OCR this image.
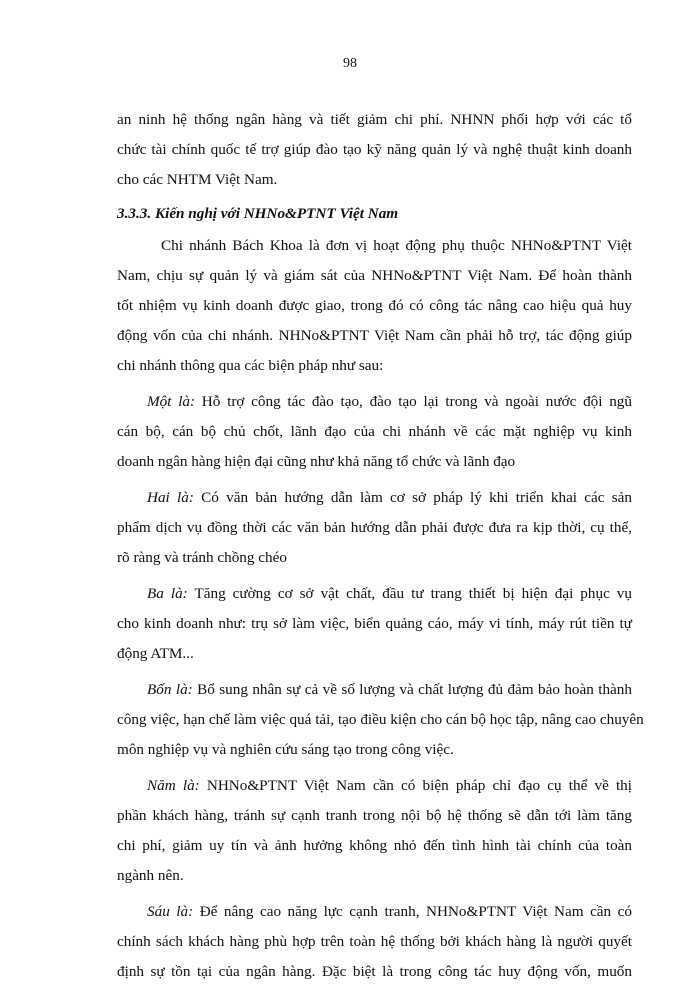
98
an ninh hệ thống ngân hàng và tiết giảm chi phí. NHNN phối hợp với các tổ
chức tài chính quốc tế trợ giúp đào tạo kỹ năng quản lý và nghệ thuật kinh doanh
cho các NHTM Việt Nam.
3.3.3. Kiến nghị với NHNo&PTNT Việt Nam
Chi nhánh Bách Khoa là đơn vị hoạt động phụ thuộc NHNo&PTNT Việt
Nam, chịu sự quản lý và giám sát của NHNo&PTNT Việt Nam. Để hoàn thành
tốt nhiệm vụ kinh doanh được giao, trong đó có công tác nâng cao hiệu quả huy
động vốn của chi nhánh. NHNo&PTNT Việt Nam cần phải hỗ trợ, tác động giúp
chi nhánh thông qua các biện pháp như sau:
Một là: Hỗ trợ công tác đào tạo, đào tạo lại trong và ngoài nước đội ngũ
cán bộ, cán bộ chủ chốt, lãnh đạo của chi nhánh về các mặt nghiệp vụ kinh
doanh ngân hàng hiện đại cũng như khả năng tổ chức và lãnh đạo
Hai là: Có văn bản hướng dẫn làm cơ sở pháp lý khi triển khai các sản
phẩm dịch vụ đồng thời các văn bản hướng dẫn phải được đưa ra kịp thời, cụ thể,
rõ ràng và tránh chồng chéo
Ba là: Tăng cường cơ sở vật chất, đầu tư trang thiết bị hiện đại phục vụ
cho kinh doanh như: trụ sở làm việc, biển quảng cáo, máy vi tính, máy rút tiền tự
động ATM...
Bốn là: Bổ sung nhân sự cả về số lượng và chất lượng đủ đảm bảo hoàn thành
công việc, hạn chế làm việc quá tải, tạo điều kiện cho cán bộ học tập, nâng cao chuyên
môn nghiệp vụ và nghiên cứu sáng tạo trong công việc.
Năm là: NHNo&PTNT Việt Nam cần có biện pháp chỉ đạo cụ thể về thị
phần khách hàng, tránh sự cạnh tranh trong nội bộ hệ thống sẽ dẫn tới làm tăng
chi phí, giảm uy tín và ảnh hưởng không nhỏ đến tình hình tài chính của toàn
ngành nên.
Sáu là: Để nâng cao năng lực cạnh tranh, NHNo&PTNT Việt Nam cần có
chính sách khách hàng phù hợp trên toàn hệ thống bởi khách hàng là người quyết
định sự tồn tại của ngân hàng. Đặc biệt là trong công tác huy động vốn, muốn
